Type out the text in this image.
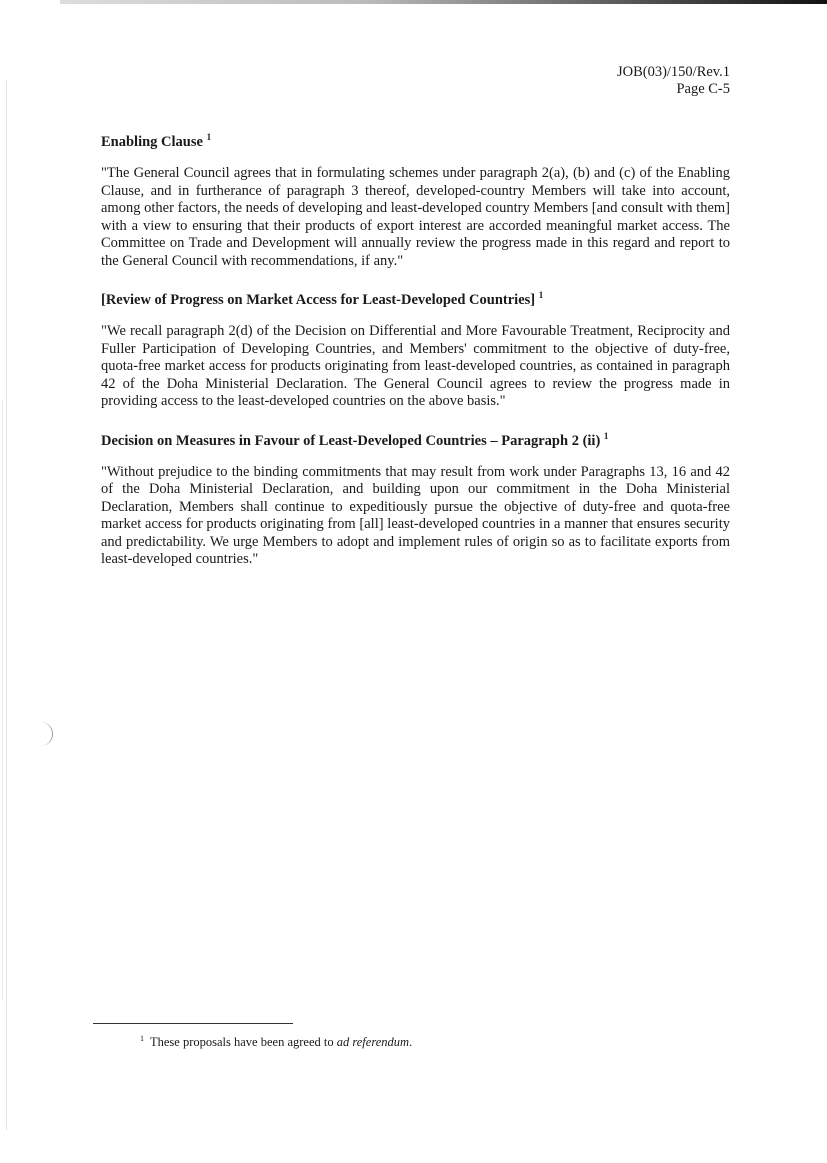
JOB(03)/150/Rev.1
Page C-5
Enabling Clause $^1$

"The General Council agrees that in formulating schemes under paragraph 2(a), (b) and (c) of the Enabling Clause, and in furtherance of paragraph 3 thereof, developed-country Members will take into account, among other factors, the needs of developing and least-developed country Members [and consult with them] with a view to ensuring that their products of export interest are accorded meaningful market access. The Committee on Trade and Development will annually review the progress made in this regard and report to the General Council with recommendations, if any."

[Review of Progress on Market Access for Least-Developed Countries] $^1$

"We recall paragraph 2(d) of the Decision on Differential and More Favourable Treatment, Reciprocity and Fuller Participation of Developing Countries, and Members' commitment to the objective of duty-free, quota-free market access for products originating from least-developed countries, as contained in paragraph 42 of the Doha Ministerial Declaration. The General Council agrees to review the progress made in providing access to the least-developed countries on the above basis."

Decision on Measures in Favour of Least-Developed Countries – Paragraph 2 (ii) $^1$

"Without prejudice to the binding commitments that may result from work under Paragraphs 13, 16 and 42 of the Doha Ministerial Declaration, and building upon our commitment in the Doha Ministerial Declaration, Members shall continue to expeditiously pursue the objective of duty-free and quota-free market access for products originating from [all] least-developed countries in a manner that ensures security and predictability. We urge Members to adopt and implement rules of origin so as to facilitate exports from least-developed countries."

$^1$ These proposals have been agreed to ad referendum.
